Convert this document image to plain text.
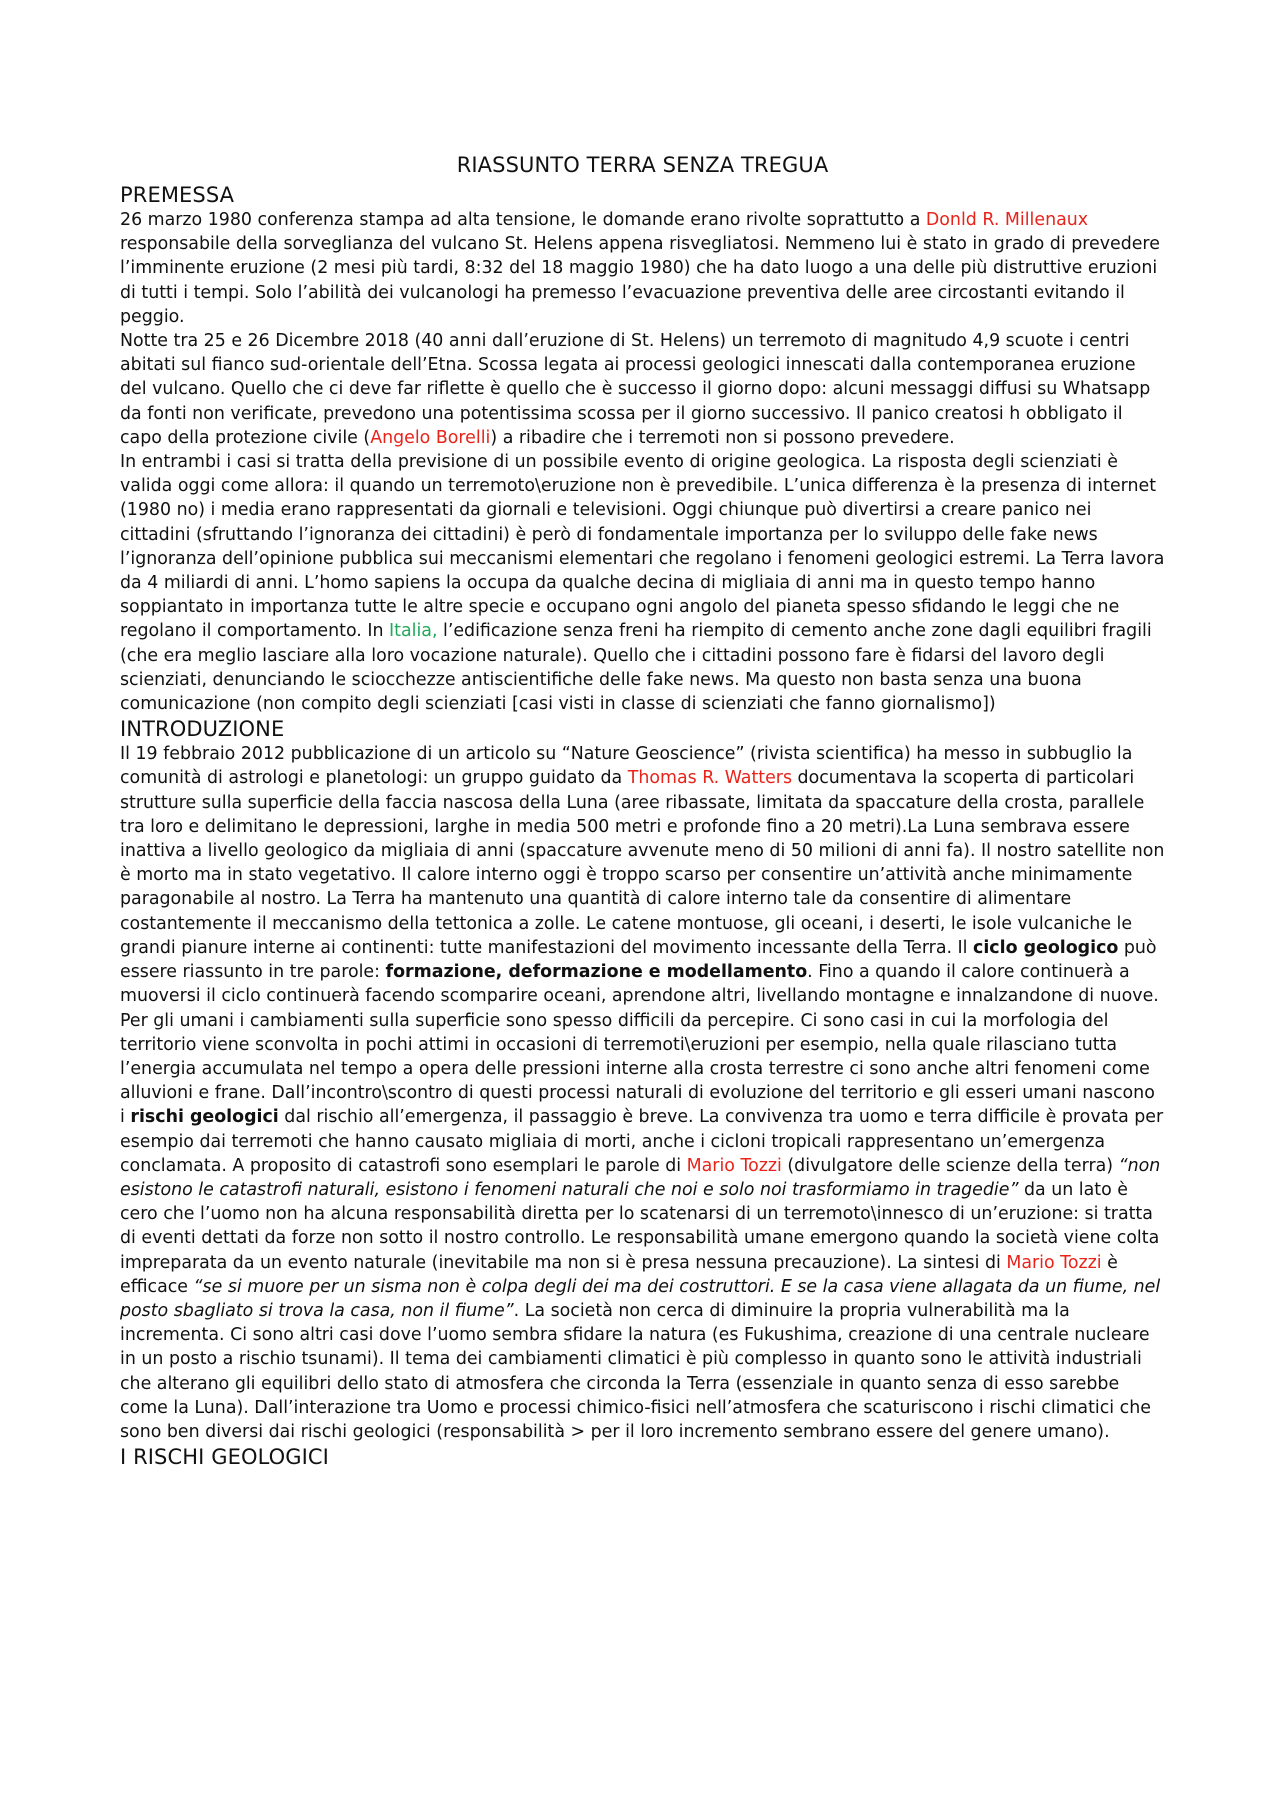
RIASSUNTO TERRA SENZA TREGUA
PREMESSA

26 marzo 1980 conferenza stampa ad alta tensione, le domande erano rivolte soprattutto a Donld R. Millenaux responsabile della sorveglianza del vulcano St. Helens appena risvegliatosi. Nemmeno lui è stato in grado di prevedere l’imminente eruzione (2 mesi più tardi, 8:32 del 18 maggio 1980) che ha dato luogo a una delle più distruttive eruzioni di tutti i tempi. Solo l’abilità dei vulcanologi ha premesso l’evacuazione preventiva delle aree circostanti evitando il peggio.

Notte tra 25 e 26 Dicembre 2018 (40 anni dall’eruzione di St. Helens) un terremoto di magnitudo 4,9 scuote i centri abitati sul fianco sud-orientale dell’Etna. Scossa legata ai processi geologici innescati dalla contemporanea eruzione del vulcano. Quello che ci deve far riflette è quello che è successo il giorno dopo: alcuni messaggi diffusi su Whatsapp da fonti non verificate, prevedono una potentissima scossa per il giorno successivo. Il panico creatosi h obbligato il capo della protezione civile (Angelo Borelli) a ribadire che i terremoti non si possono prevedere.

In entrambi i casi si tratta della previsione di un possibile evento di origine geologica. La risposta degli scienziati è valida oggi come allora: il quando un terremoto\eruzione non è prevedibile. L’unica differenza è la presenza di internet (1980 no) i media erano rappresentati da giornali e televisioni. Oggi chiunque può divertirsi a creare panico nei cittadini (sfruttando l’ignoranza dei cittadini) è però di fondamentale importanza per lo sviluppo delle fake news l’ignoranza dell’opinione pubblica sui meccanismi elementari che regolano i fenomeni geologici estremi. La Terra lavora da 4 miliardi di anni. L’homo sapiens la occupa da qualche decina di migliaia di anni ma in questo tempo hanno soppiantato in importanza tutte le altre specie e occupano ogni angolo del pianeta spesso sfidando le leggi che ne regolano il comportamento. In Italia, l’edificazione senza freni ha riempito di cemento anche zone dagli equilibri fragili (che era meglio lasciare alla loro vocazione naturale). Quello che i cittadini possono fare è fidarsi del lavoro degli scienziati, denunciando le sciocchezze antiscientifiche delle fake news. Ma questo non basta senza una buona comunicazione (non compito degli scienziati [casi visti in classe di scienziati che fanno giornalismo])

INTRODUZIONE

Il 19 febbraio 2012 pubblicazione di un articolo su “Nature Geoscience” (rivista scientifica) ha messo in subbuglio la comunità di astrologi e planetologi: un gruppo guidato da Thomas R. Watters documentava la scoperta di particolari strutture sulla superficie della faccia nascosa della Luna (aree ribassate, limitata da spaccature della crosta, parallele tra loro e delimitano le depressioni, larghe in media 500 metri e profonde fino a 20 metri).La Luna sembrava essere inattiva a livello geologico da migliaia di anni (spaccature avvenute meno di 50 milioni di anni fa). Il nostro satellite non è morto ma in stato vegetativo. Il calore interno oggi è troppo scarso per consentire un’attività anche minimamente paragonabile al nostro. La Terra ha mantenuto una quantità di calore interno tale da consentire di alimentare costantemente il meccanismo della tettonica a zolle. Le catene montuose, gli oceani, i deserti, le isole vulcaniche le grandi pianure interne ai continenti: tutte manifestazioni del movimento incessante della Terra. Il ciclo geologico può essere riassunto in tre parole: formazione, deformazione e modellamento. Fino a quando il calore continuerà a muoversi il ciclo continuerà facendo scomparire oceani, aprendone altri, livellando montagne e innalzandone di nuove. Per gli umani i cambiamenti sulla superficie sono spesso difficili da percepire. Ci sono casi in cui la morfologia del territorio viene sconvolta in pochi attimi in occasioni di terremoti\eruzioni per esempio, nella quale rilasciano tutta l’energia accumulata nel tempo a opera delle pressioni interne alla crosta terrestre ci sono anche altri fenomeni come alluvioni e frane. Dall’incontro\scontro di questi processi naturali di evoluzione del territorio e gli esseri umani nascono i rischi geologici dal rischio all’emergenza, il passaggio è breve. La convivenza tra uomo e terra difficile è provata per esempio dai terremoti che hanno causato migliaia di morti, anche i cicloni tropicali rappresentano un’emergenza conclamata. A proposito di catastrofi sono esemplari le parole di Mario Tozzi (divulgatore delle scienze della terra) “non esistono le catastrofi naturali, esistono i fenomeni naturali che noi e solo noi trasformiamo in tragedie” da un lato è cero che l’uomo non ha alcuna responsabilità diretta per lo scatenarsi di un terremoto\innesco di un’eruzione: si tratta di eventi dettati da forze non sotto il nostro controllo. Le responsabilità umane emergono quando la società viene colta impreparata da un evento naturale (inevitabile ma non si è presa nessuna precauzione). La sintesi di Mario Tozzi è efficace “se si muore per un sisma non è colpa degli dei ma dei costruttori. E se la casa viene allagata da un fiume, nel posto sbagliato si trova la casa, non il fiume”. La società non cerca di diminuire la propria vulnerabilità ma la incrementa. Ci sono altri casi dove l’uomo sembra sfidare la natura (es Fukushima, creazione di una centrale nucleare in un posto a rischio tsunami). Il tema dei cambiamenti climatici è più complesso in quanto sono le attività industriali che alterano gli equilibri dello stato di atmosfera che circonda la Terra (essenziale in quanto senza di esso sarebbe come la Luna). Dall’interazione tra Uomo e processi chimico-fisici nell’atmosfera che scaturiscono i rischi climatici che sono ben diversi dai rischi geologici (responsabilità > per il loro incremento sembrano essere del genere umano).

I RISCHI GEOLOGICI
